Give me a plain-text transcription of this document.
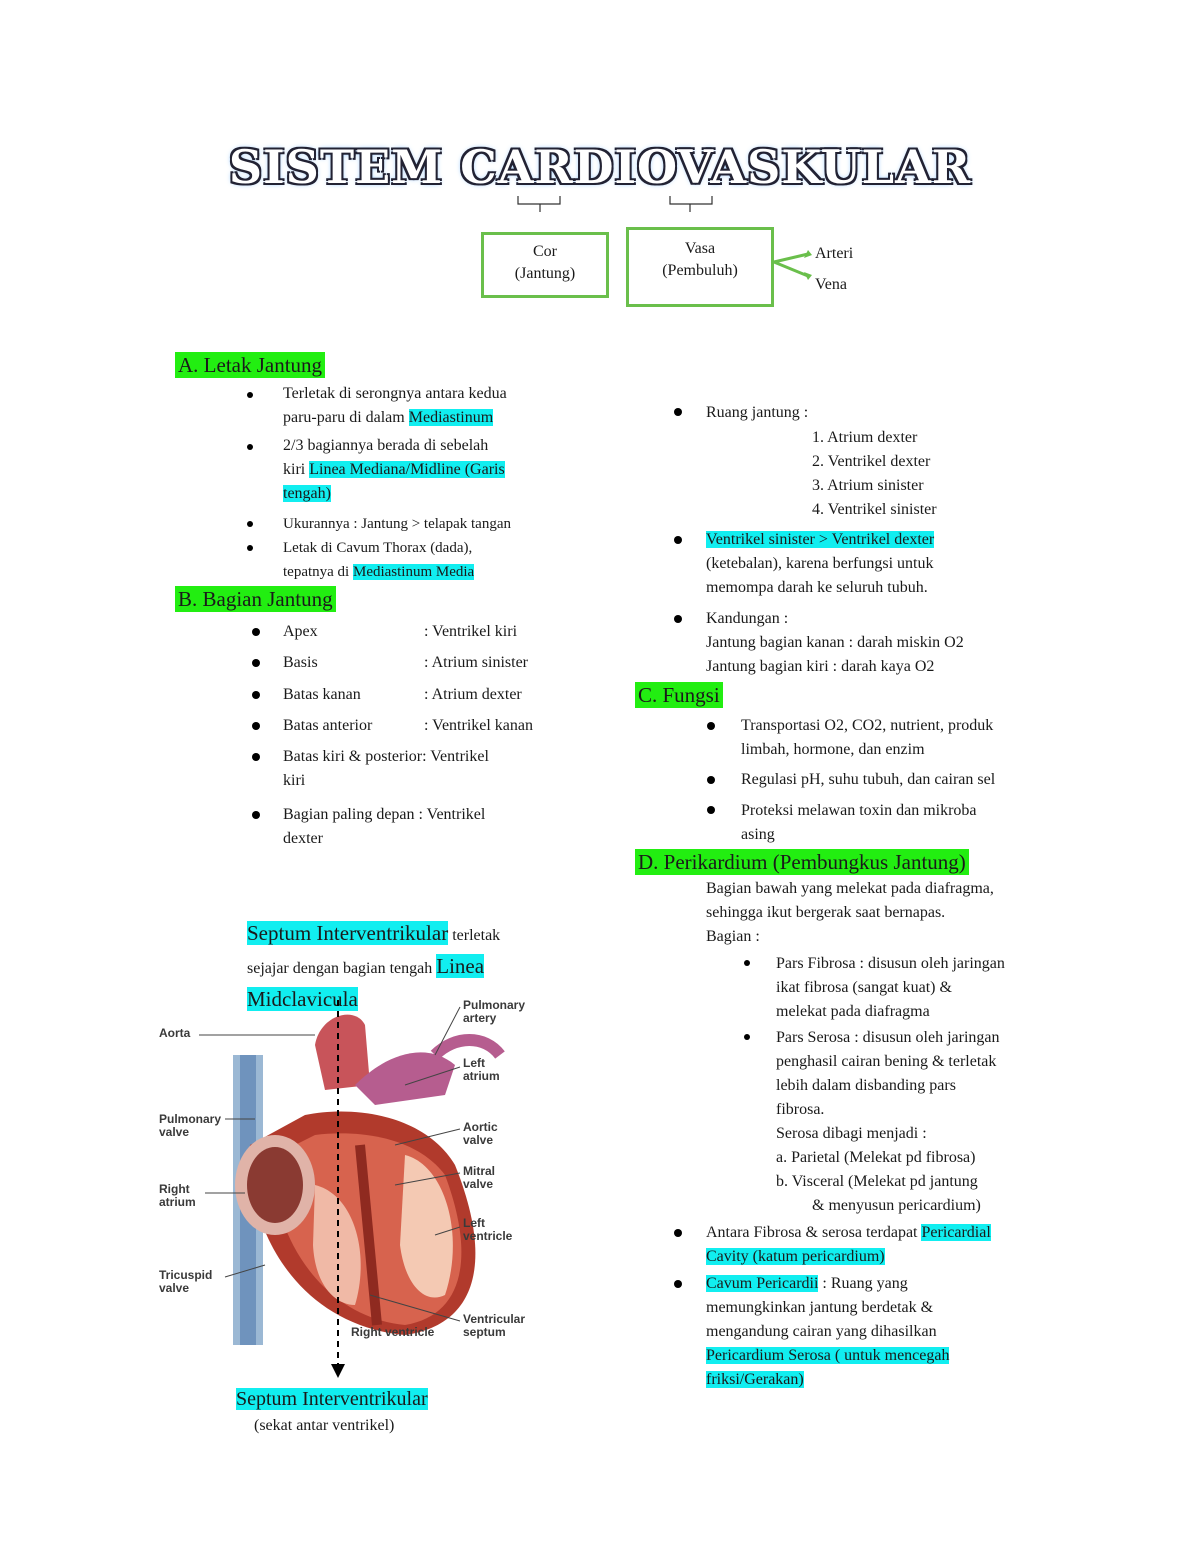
SISTEM CARDIOVASKULAR
Cor
(Jantung)
Vasa
(Pembuluh)
Arteri
Vena
A. Letak Jantung
Terletak di serongnya antara kedua
paru-paru di dalam Mediastinum
2/3 bagiannya berada di sebelah
kiri Linea Mediana/Midline (Garis
tengah)
Ukurannya : Jantung > telapak tangan
Letak di Cavum Thorax (dada),
tepatnya di Mediastinum Media
B. Bagian Jantung
Apex	: Ventrikel kiri
Basis	: Atrium sinister
Batas kanan	: Atrium dexter
Batas anterior	: Ventrikel kanan
Batas kiri & posterior: Ventrikel
kiri
Bagian paling depan : Ventrikel
dexter
Septum Interventrikular terletak
sejajar dengan bagian tengah Linea
Midclavicula
Aorta
Pulmonary
valve
Right
atrium
Tricuspid
valve
Pulmonary
artery
Left
atrium
Aortic
valve
Mitral
valve
Left
ventricle
Ventricular
septum
Right ventricle
Septum Interventrikular
(sekat antar ventrikel)
Ruang jantung :
1. Atrium dexter
2. Ventrikel dexter
3. Atrium sinister
4. Ventrikel sinister
Ventrikel sinister > Ventrikel dexter
(ketebalan), karena berfungsi untuk
memompa darah ke seluruh tubuh.
Kandungan :
Jantung bagian kanan : darah miskin O2
Jantung bagian kiri : darah kaya O2
C. Fungsi
Transportasi O2, CO2, nutrient, produk
limbah, hormone, dan enzim
Regulasi pH, suhu tubuh, dan cairan sel
Proteksi melawan toxin dan mikroba
asing
D. Perikardium (Pembungkus Jantung)
Bagian bawah yang melekat pada diafragma,
sehingga ikut bergerak saat bernapas.
Bagian :
Pars Fibrosa : disusun oleh jaringan
ikat fibrosa (sangat kuat) &
melekat pada diafragma
Pars Serosa : disusun oleh jaringan
penghasil cairan bening & terletak
lebih dalam disbanding pars
fibrosa.
Serosa dibagi menjadi :
a. Parietal (Melekat pd fibrosa)
b. Visceral (Melekat pd jantung
& menyusun pericardium)
Antara Fibrosa & serosa terdapat Pericardial
Cavity (katum pericardium)
Cavum Pericardii : Ruang yang
memungkinkan jantung berdetak &
mengandung cairan yang dihasilkan
Pericardium Serosa ( untuk mencegah
friksi/Gerakan)
